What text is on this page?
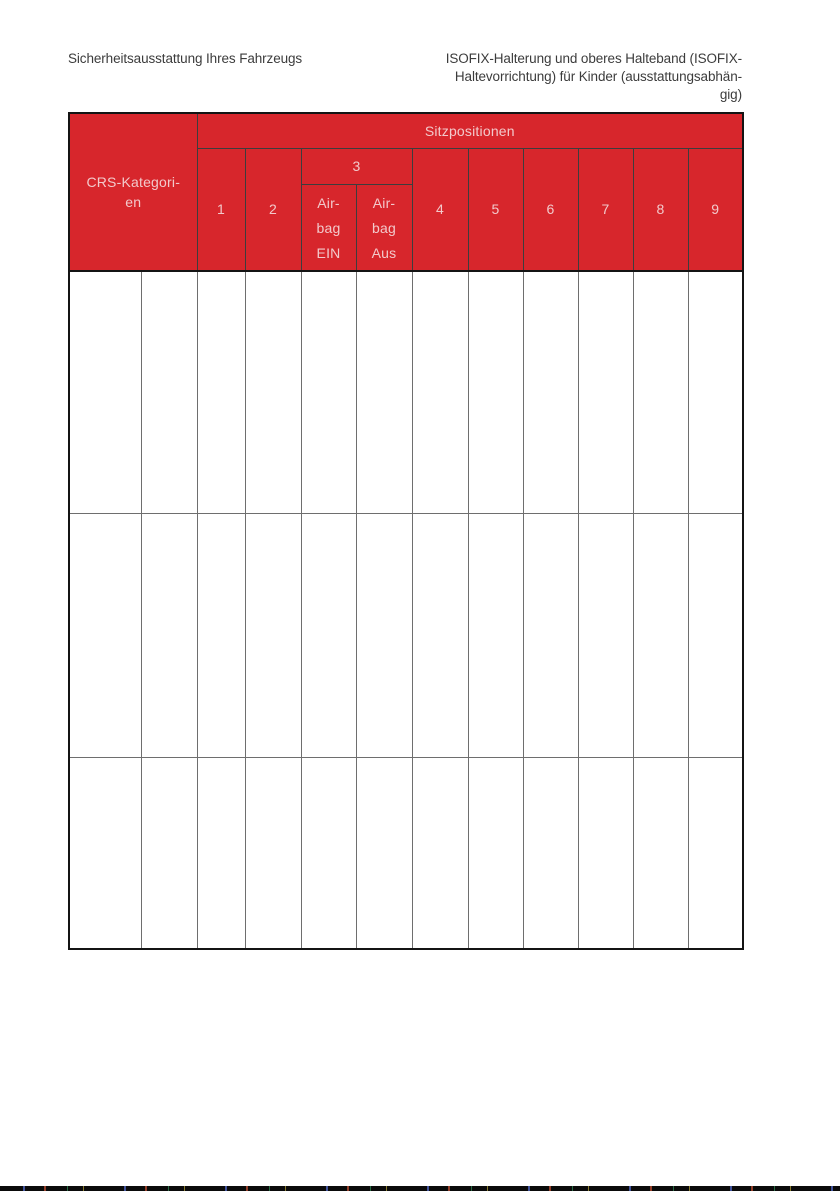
Sicherheitsausstattung Ihres Fahrzeugs	ISOFIX-Halterung und oberes Halteband (ISOFIX-
Haltevorrichtung) für Kinder (ausstattungsabhän-
gig)
CRS-Kategori-
en		Sitzpositionen									
		1	2	3		4	5	6	7	8	9

				Air-
bag
EIN	Air-
bag
Aus						
